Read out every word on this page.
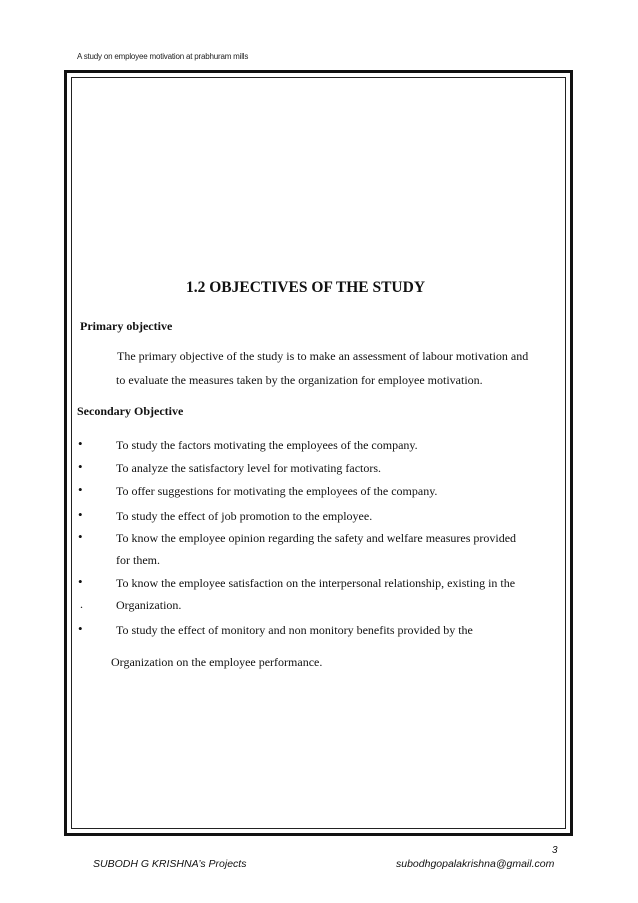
A study on employee motivation at prabhuram mills
1.2 OBJECTIVES OF THE STUDY
Primary objective
The primary objective of the study is to make an assessment of labour motivation and
to evaluate the measures taken by the organization for employee motivation.
Secondary Objective
•	To study the factors motivating the employees of the company.
•	To analyze the satisfactory level for motivating factors.
•	To offer suggestions for motivating the employees of the company.
•	To study the effect of job promotion to the employee.
•	To know the employee opinion regarding the safety and welfare measures provided
for them.
•	To know the employee satisfaction on the interpersonal relationship, existing in the
.	Organization.
•	To study the effect of monitory and non monitory benefits provided by the
Organization on the employee performance.
3
SUBODH G KRISHNA’s Projects	subodhgopalakrishna@gmail.com
